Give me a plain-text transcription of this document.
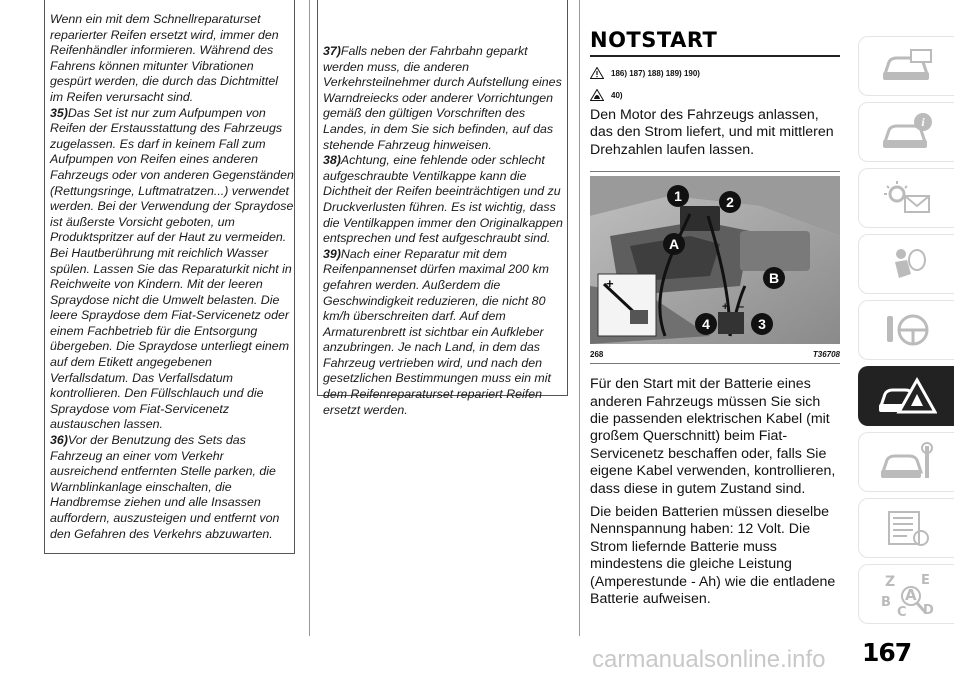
Wenn ein mit dem Schnellreparaturset reparierter Reifen ersetzt wird, immer den Reifenhändler informieren. Während des Fahrens können mitunter Vibrationen gespürt werden, die durch das Dichtmittel im Reifen verursacht sind.

35)Das Set ist nur zum Aufpumpen von Reifen der Erstausstattung des Fahrzeugs zugelassen. Es darf in keinem Fall zum Aufpumpen von Reifen eines anderen Fahrzeugs oder von anderen Gegenständen (Rettungsringe, Luftmatratzen...) verwendet werden. Bei der Verwendung der Spraydose ist äußerste Vorsicht geboten, um Produktspritzer auf der Haut zu vermeiden. Bei Hautberührung mit reichlich Wasser spülen. Lassen Sie das Reparaturkit nicht in Reichweite von Kindern. Mit der leeren Spraydose nicht die Umwelt belasten. Die leere Spraydose dem Fiat-Servicenetz oder einem Fachbetrieb für die Entsorgung übergeben. Die Spraydose unterliegt einem auf dem Etikett angegebenen Verfallsdatum. Das Verfallsdatum kontrollieren. Den Füllschlauch und die Spraydose vom Fiat-Servicenetz austauschen lassen.

36)Vor der Benutzung des Sets das Fahrzeug an einer vom Verkehr ausreichend entfernten Stelle parken, die Warnblinkanlage einschalten, die Handbremse ziehen und alle Insassen auffordern, auszusteigen und entfernt von den Gefahren des Verkehrs abzuwarten.

37)Falls neben der Fahrbahn geparkt werden muss, die anderen Verkehrsteilnehmer durch Aufstellung eines Warndreiecks oder anderer Vorrichtungen gemäß den gültigen Vorschriften des Landes, in dem Sie sich befinden, auf das stehende Fahrzeug hinweisen.

38)Achtung, eine fehlende oder schlecht aufgeschraubte Ventilkappe kann die Dichtheit der Reifen beeinträchtigen und zu Druckverlusten führen. Es ist wichtig, dass die Ventilkappen immer den Originalkappen entsprechen und fest aufgeschraubt sind.

39)Nach einer Reparatur mit dem Reifenpannenset dürfen maximal 200 km gefahren werden. Außerdem die Geschwindigkeit reduzieren, die nicht 80 km/h überschreiten darf. Auf dem Armaturenbrett ist sichtbar ein Aufkleber anzubringen. Je nach Land, in dem das Fahrzeug vertrieben wird, und nach den gesetzlichen Bestimmungen muss ein mit dem Reifenreparaturset repariert Reifen ersetzt werden.

NOTSTART
186) 187) 188) 189) 190)
40)
Den Motor des Fahrzeugs anlassen, das den Strom liefert, und mit mittleren Drehzahlen laufen lassen.
+
+ –
1	2
A
B
4	3
268	T36708

Für den Start mit der Batterie eines anderen Fahrzeugs müssen Sie sich die passenden elektrischen Kabel (mit großem Querschnitt) beim Fiat-Servicenetz beschaffen oder, falls Sie eigene Kabel verwenden, kontrollieren, dass diese in gutem Zustand sind.

Die beiden Batterien müssen dieselbe Nennspannung haben: 12 Volt. Die Strom liefernde Batterie muss mindestens die gleiche Leistung (Amperestunde - Ah) wie die entladene Batterie aufweisen.

i
Z E
A
B
C D
carmanualsonline.info 167
